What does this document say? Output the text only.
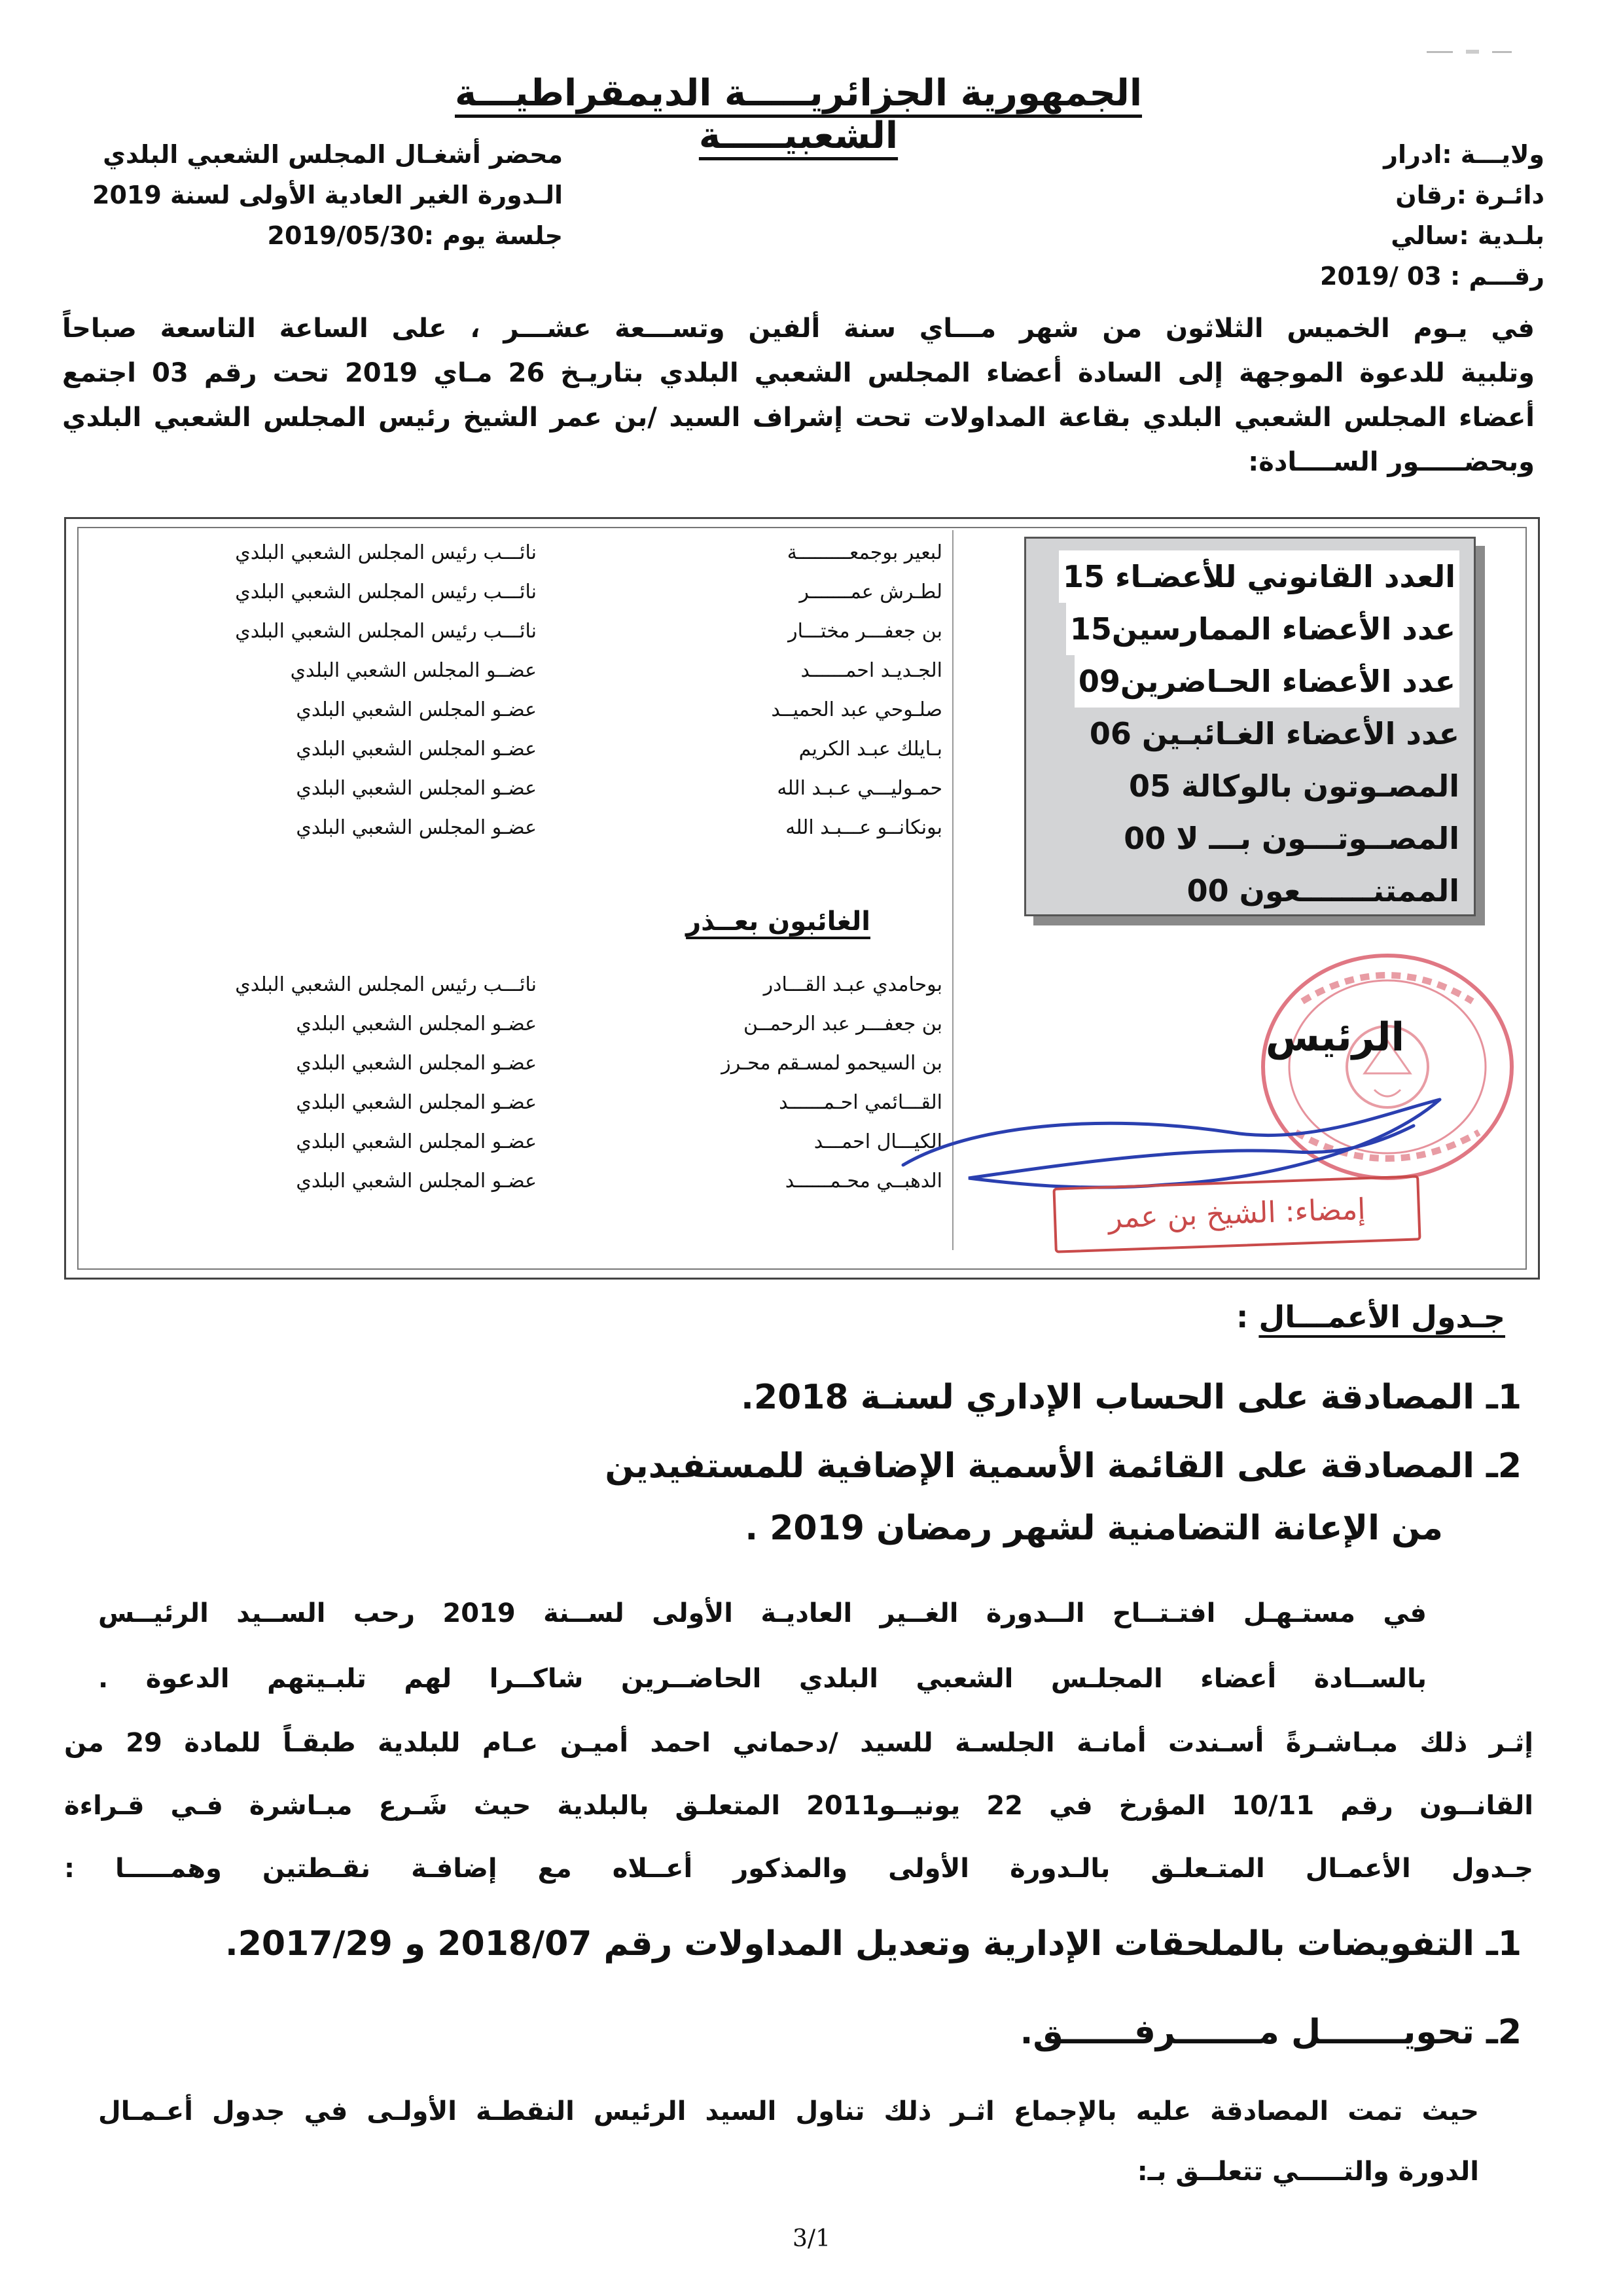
الجمهورية الجزائريـــــة الديمقراطيـــة الشعبيـــــة
محضر أشغـال المجلس الشعبي البلدي
الـدورة الغير العادية الأولى لسنة 2019
جلسة يوم :2019/05/30
ولايـــة :ادرار
دائـرة :رقان
بلـدية :سالي
رقـــم : 03 /2019

في يـوم الخميس الثلاثون من شهر مـــاي سنة ألفين وتســـعة عشـــر ، على الساعة التاسعة صباحاً

وتلبية للدعوة الموجهة إلى السادة أعضاء المجلس الشعبي البلدي بتاريـخ 26 مـاي 2019 تحت رقم 03 اجتمع

أعضاء المجلس الشعبي البلدي بقاعة المداولات تحت إشراف السيد /بن عمر الشيخ رئيس المجلس الشعبي البلدي

وبحضـــــور الســــادة:

لبعير بوجمعـــــــــة
لطـرش عمـــــــر
بن جعفـــر مختـــار
الجـديـد احمــــــد
صلـوحي عبد الحميــد
بـايلك عبـد الكريم
حمـوليـــي عـبـد الله
بونكانــو عـــبـد الله
نائـــب رئيس المجلس الشعبي البلدي
نائـــب رئيس المجلس الشعبي البلدي
نائـــب رئيس المجلس الشعبي البلدي
عضــو المجلس الشعبي البلدي
عضـو المجلس الشعبي البلدي
عضـو المجلس الشعبي البلدي
عضـو المجلس الشعبي البلدي
عضـو المجلس الشعبي البلدي
الغائبون بعــذر
بوحامدي عبـد القـــادر
بن جعفـــر عبد الرحمــن
بن السيحمو لمسـقم محـرز
القـــائمي احـمــــــد
الكيـــال احمـــد
الدهبــي محـمــــــد
نائـــب رئيس المجلس الشعبي البلدي
عضـو المجلس الشعبي البلدي
عضـو المجلس الشعبي البلدي
عضـو المجلس الشعبي البلدي
عضـو المجلس الشعبي البلدي
عضـو المجلس الشعبي البلدي
العدد القانوني للأعضـاء 15
عدد الأعضاء الممارسين15
عدد الأعضاء الحـاضرين09
عدد الأعضاء الغـائبـين 06
المصـوتون بالوكالة 05
المصــوتـــون بـــ لا 00
الممتنـــــــعون 00
الرئيس
إمضاء: الشيخ بن عمر
جـدول الأعمـــال :
1ـ المصادقة على الحساب الإداري لسنـة 2018.
2ـ المصادقة على القائمة الأسمية الإضافية للمستفيدين
من الإعانة التضامنية لشهر رمضان 2019 .

في مستـهـل افتـتــاح الــدورة الغــير العاديـة الأولى لســنة 2019 رحب الســيد الرئيــس

بالســادة أعضاء المجلـس الشعبي البلدي الحاضــرين شاكــرا لهم تلبـيتهم الدعوة .

إثـر ذلك مبـاشـرةً أسـندت أمانـة الجلسـة للسيد /دحماني احمد أميـن عـام للبلدية طبقـاً للمادة 29 من

القانــون رقم 10/11 المؤرخ في 22 يونيــو2011 المتعلـق بالبلدية حيث شَـرع مبـاشرة فـي قـراءة

جـدول الأعمـال المتـعلـق بالـدورة الأولى والمذكور أعــلاه مع إضافـة نقـطتين وهمـــــا :

1ـ التفويضات بالملحقات الإدارية وتعديل المداولات رقم 2018/07 و 2017/29.
2ـ تحويـــــــل مـــــــرفــــــق.

حيث تمت المصادقة عليه بالإجماع اثـر ذلك تناول السيد الرئيس النقطـة الأولـى في جدول أعـمـال

الدورة والتـــــي تتعلــق بـ:

3/1
